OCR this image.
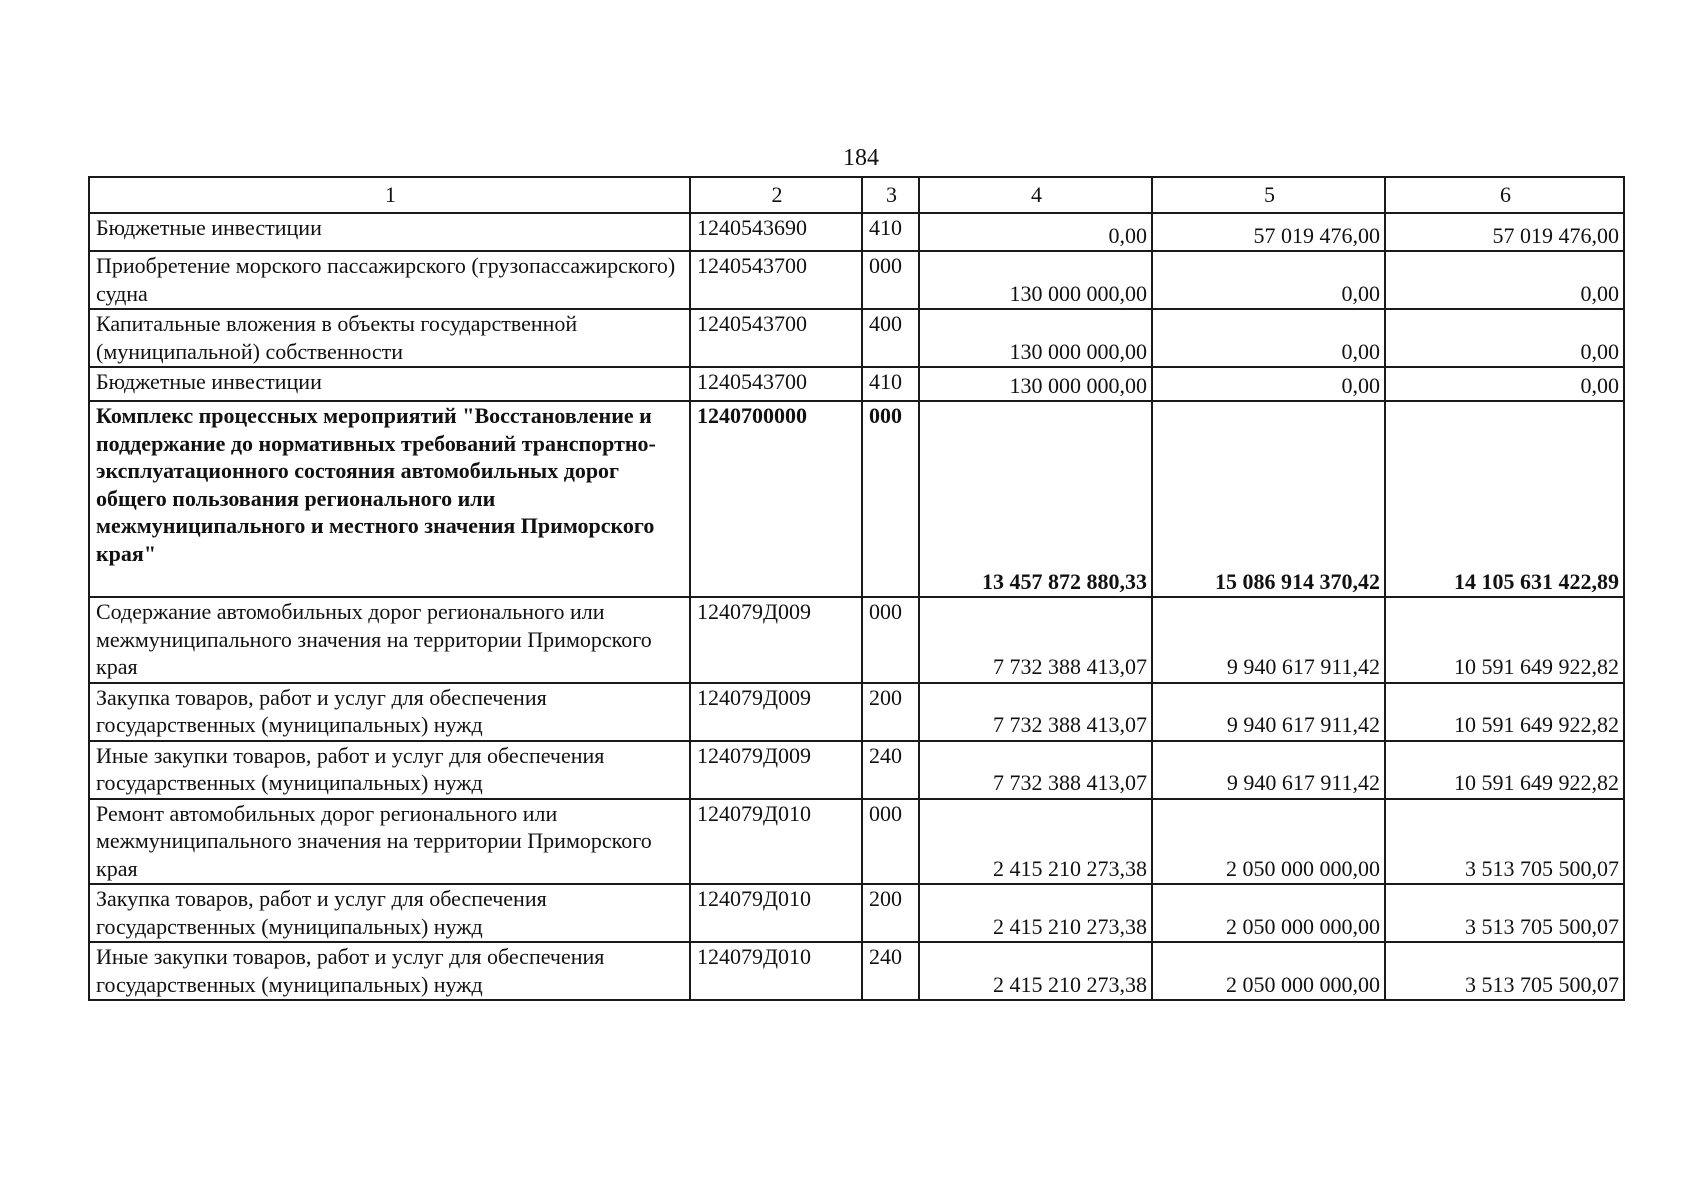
184
1	2	3	4	5	6
Бюджетные инвестиции	1240543690	410	0,00	57 019 476,00	57 019 476,00
Приобретение морского пассажирского (грузопассажирского) судна	1240543700	000	130 000 000,00	0,00	0,00
Капитальные вложения в объекты государственной (муниципальной) собственности	1240543700	400	130 000 000,00	0,00	0,00
Бюджетные инвестиции	1240543700	410	130 000 000,00	0,00	0,00
Комплекс процессных мероприятий "Восстановление и поддержание до нормативных требований транспортно-эксплуатационного состояния автомобильных дорог общего пользования регионального или межмуниципального и местного значения Приморского края"	1240700000	000	13 457 872 880,33	15 086 914 370,42	14 105 631 422,89
Содержание автомобильных дорог регионального или межмуниципального значения на территории Приморского края	124079Д009	000	7 732 388 413,07	9 940 617 911,42	10 591 649 922,82
Закупка товаров, работ и услуг для обеспечения государственных (муниципальных) нужд	124079Д009	200	7 732 388 413,07	9 940 617 911,42	10 591 649 922,82
Иные закупки товаров, работ и услуг для обеспечения государственных (муниципальных) нужд	124079Д009	240	7 732 388 413,07	9 940 617 911,42	10 591 649 922,82
Ремонт автомобильных дорог регионального или межмуниципального значения на территории Приморского края	124079Д010	000	2 415 210 273,38	2 050 000 000,00	3 513 705 500,07
Закупка товаров, работ и услуг для обеспечения государственных (муниципальных) нужд	124079Д010	200	2 415 210 273,38	2 050 000 000,00	3 513 705 500,07
Иные закупки товаров, работ и услуг для обеспечения государственных (муниципальных) нужд	124079Д010	240	2 415 210 273,38	2 050 000 000,00	3 513 705 500,07
